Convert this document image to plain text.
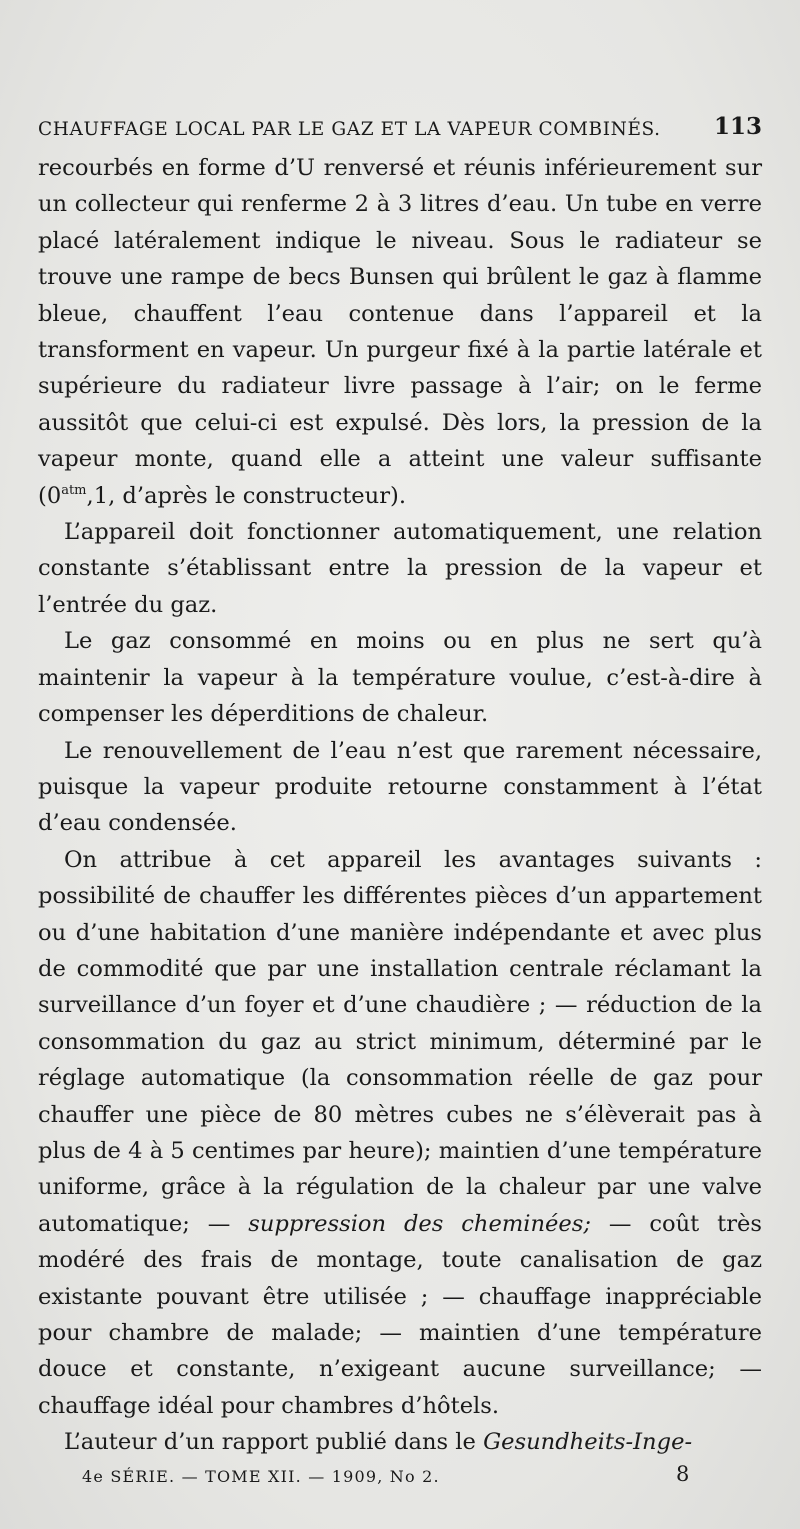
CHAUFFAGE LOCAL PAR LE GAZ ET LA VAPEUR COMBINÉS. 113

recourbés en forme d’U renversé et réunis inférieurement sur un collecteur qui renferme 2 à 3 litres d’eau. Un tube en verre placé latéralement indique le niveau. Sous le radiateur se trouve une rampe de becs Bunsen qui brûlent le gaz à flamme bleue, chauffent l’eau contenue dans l’appareil et la transforment en vapeur. Un purgeur fixé à la partie latérale et supérieure du radiateur livre passage à l’air; on le ferme aussitôt que celui-ci est expulsé. Dès lors, la pression de la vapeur monte, quand elle a atteint une valeur suffisante ($0^{atm},1$, d’après le constructeur).

L’appareil doit fonctionner automatiquement, une relation constante s’établissant entre la pression de la vapeur et l’entrée du gaz.

Le gaz consommé en moins ou en plus ne sert qu’à maintenir la vapeur à la température voulue, c’est-à-dire à compenser les déperditions de chaleur.

Le renouvellement de l’eau n’est que rarement nécessaire, puisque la vapeur produite retourne constamment à l’état d’eau condensée.

On attribue à cet appareil les avantages suivants : possibilité de chauffer les différentes pièces d’un appartement ou d’une habitation d’une manière indépendante et avec plus de commodité que par une installation centrale réclamant la surveillance d’un foyer et d’une chaudière ; — réduction de la consommation du gaz au strict minimum, déterminé par le réglage automatique (la consommation réelle de gaz pour chauffer une pièce de 80 mètres cubes ne s’élèverait pas à plus de 4 à 5 centimes par heure); maintien d’une température uniforme, grâce à la régulation de la chaleur par une valve automatique; — suppression des cheminées; — coût très modéré des frais de montage, toute canalisation de gaz existante pouvant être utilisée ; — chauffage inappréciable pour chambre de malade; — maintien d’une température douce et constante, n’exigeant aucune surveillance; — chauffage idéal pour chambres d’hôtels.

L’auteur d’un rapport publié dans le Gesundheits-Inge-

4e SÉRIE. — TOME XII. — 1909, No 2.	8
